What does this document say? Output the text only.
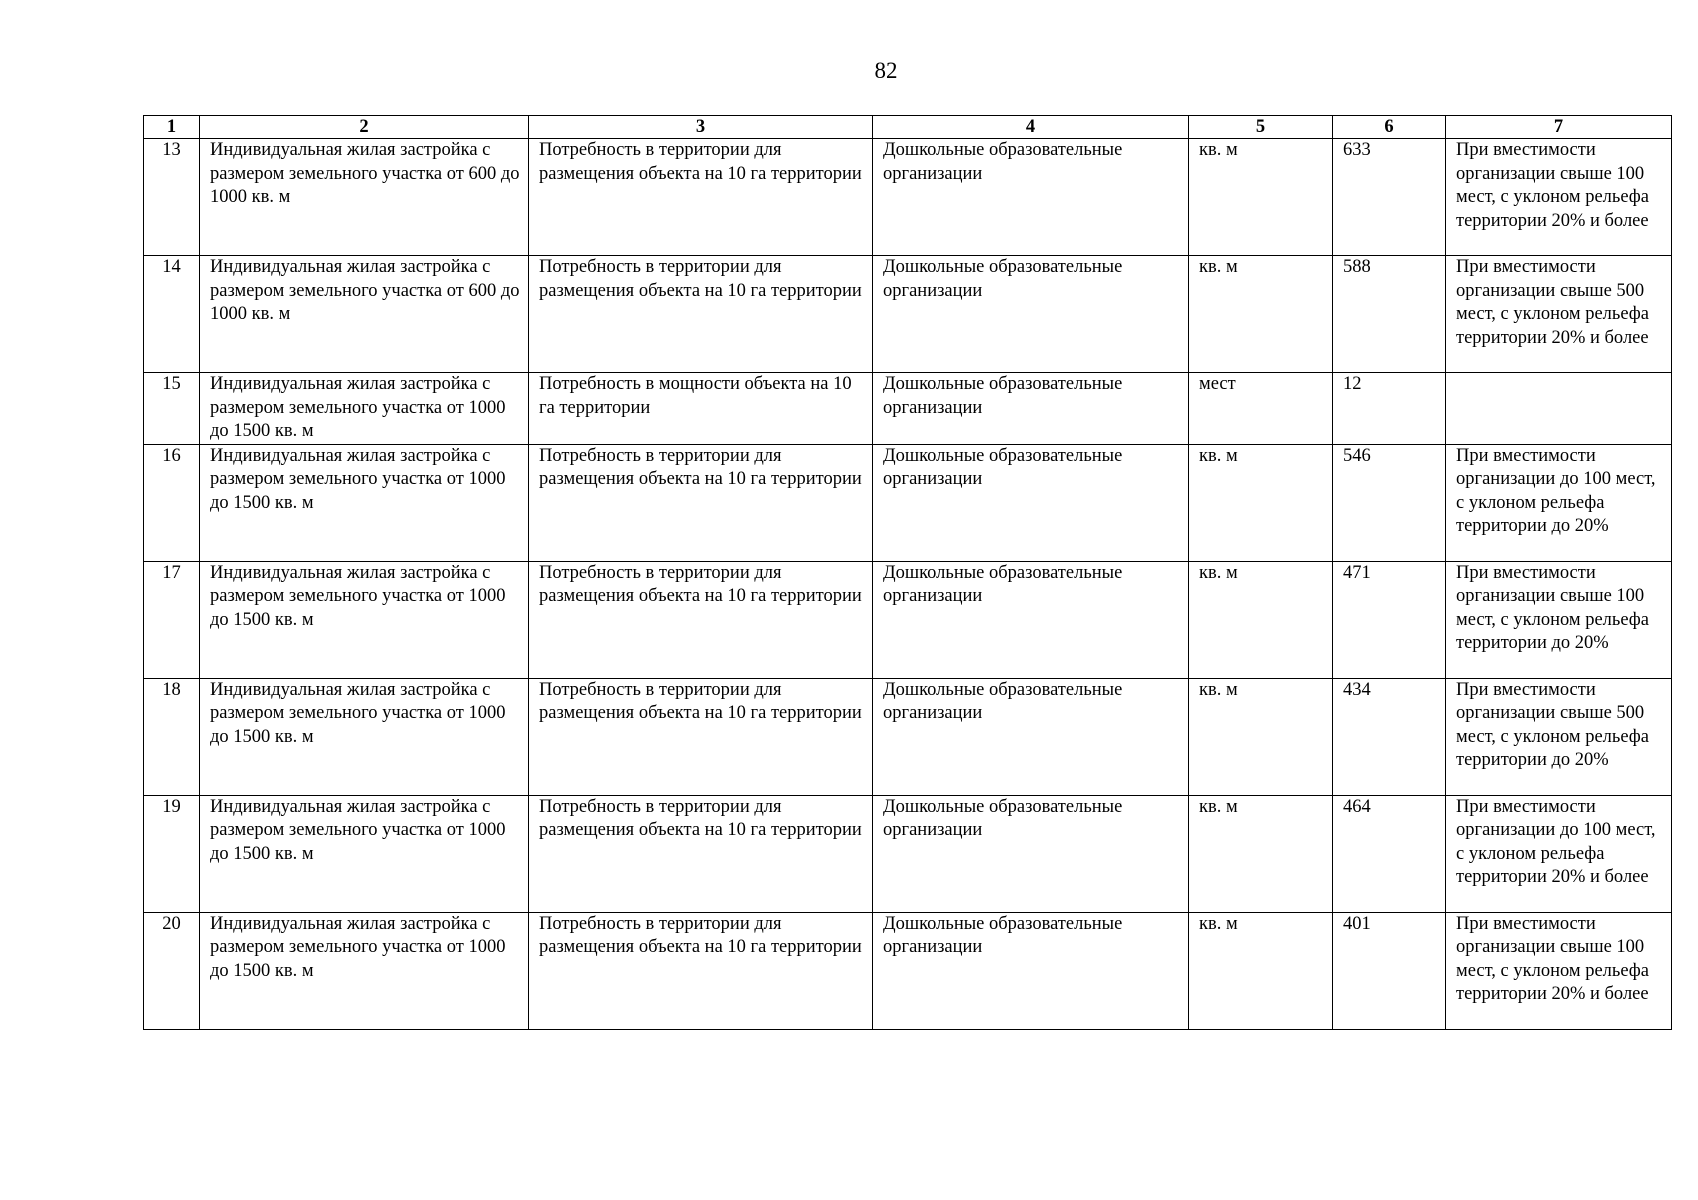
82
1	2	3	4	5	6	7
13	Индивидуальная жилая застройка с размером земельного участка от 600 до 1000 кв. м	Потребность в территории для размещения объекта на 10 га территории	Дошкольные образовательные организации	кв. м	633	При вместимости организации свыше 100 мест, с уклоном рельефа территории 20% и более
14	Индивидуальная жилая застройка с размером земельного участка от 600 до 1000 кв. м	Потребность в территории для размещения объекта на 10 га территории	Дошкольные образовательные организации	кв. м	588	При вместимости организации свыше 500 мест, с уклоном рельефа территории 20% и более
15	Индивидуальная жилая застройка с размером земельного участка от 1000 до 1500 кв. м	Потребность в мощности объекта на 10 га территории	Дошкольные образовательные организации	мест	12	
16	Индивидуальная жилая застройка с размером земельного участка от 1000 до 1500 кв. м	Потребность в территории для размещения объекта на 10 га территории	Дошкольные образовательные организации	кв. м	546	При вместимости организации до 100 мест, с уклоном рельефа территории до 20%
17	Индивидуальная жилая застройка с размером земельного участка от 1000 до 1500 кв. м	Потребность в территории для размещения объекта на 10 га территории	Дошкольные образовательные организации	кв. м	471	При вместимости организации свыше 100 мест, с уклоном рельефа территории до 20%
18	Индивидуальная жилая застройка с размером земельного участка от 1000 до 1500 кв. м	Потребность в территории для размещения объекта на 10 га территории	Дошкольные образовательные организации	кв. м	434	При вместимости организации свыше 500 мест, с уклоном рельефа территории до 20%
19	Индивидуальная жилая застройка с размером земельного участка от 1000 до 1500 кв. м	Потребность в территории для размещения объекта на 10 га территории	Дошкольные образовательные организации	кв. м	464	При вместимости организации до 100 мест, с уклоном рельефа территории 20% и более
20	Индивидуальная жилая застройка с размером земельного участка от 1000 до 1500 кв. м	Потребность в территории для размещения объекта на 10 га территории	Дошкольные образовательные организации	кв. м	401	При вместимости организации свыше 100 мест, с уклоном рельефа территории 20% и более
